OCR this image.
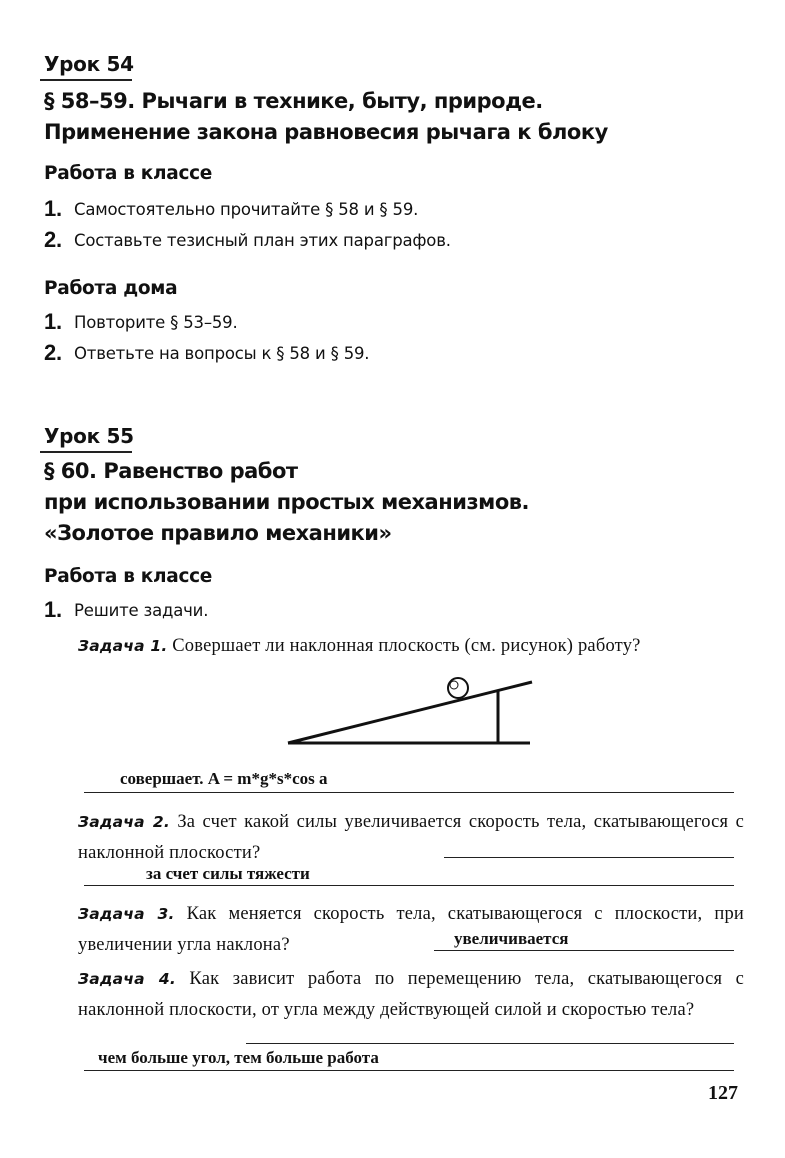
Урок 54
§ 58–59. Рычаги в технике, быту, природе.
Применение закона равновесия рычага к блоку
Работа в классе
1. Самостоятельно прочитайте § 58 и § 59.
2. Составьте тезисный план этих параграфов.
Работа дома
1. Повторите § 53–59.
2. Ответьте на вопросы к § 58 и § 59.
Урок 55
§ 60. Равенство работ
при использовании простых механизмов.
«Золотое правило механики»
Работа в классе
1. Решите задачи.
Задача 1. Совершает ли наклонная плоскость (см. рисунок) работу?
совершает. A = m*g*s*cos a
Задача 2. За счет какой силы увеличивается скорость тела, скатывающегося с наклонной плоскости?
за счет силы тяжести
Задача 3. Как меняется скорость тела, скатывающегося с плоскости, при увеличении угла наклона?	увеличивается
Задача 4. Как зависит работа по перемещению тела, скатывающегося с наклонной плоскости, от угла между действующей силой и скоростью тела?
чем больше угол, тем больше работа
127
